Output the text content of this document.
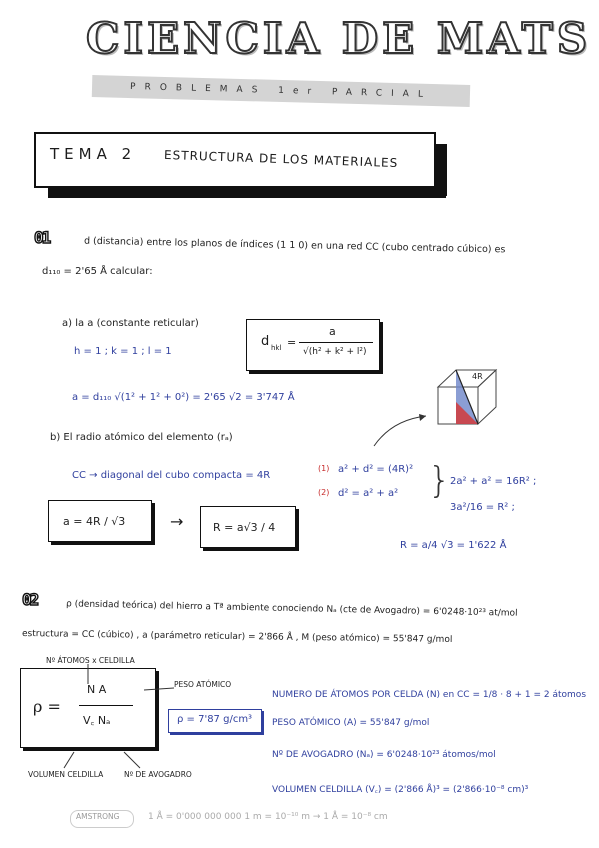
CIENCIA DE MATS
PROBLEMAS 1er PARCIAL
TEMA 2 ESTRUCTURA DE LOS MATERIALES
01	d (distancia) entre los planos de índices (1 1 0) en una red CC (cubo centrado cúbico) es
d₁₁₀ = 2'65 Å calcular:
a) la a (constante reticular)
h = 1 ; k = 1 ; l = 1
d hkl =
a
√(h² + k² + l²)
a = d₁₁₀ √(1² + 1² + 0²) = 2'65 √2 = 3'747 Å
4R
b) El radio atómico del elemento (rₐ)
CC → diagonal del cubo compacta = 4R
(1) a² + d² = (4R)²
(2) d² = a² + a² } 2a² + a² = 16R² ;
3a²/16 = R² ;
a = 4R / √3	→	R = a√3 / 4
R = a/4 √3 = 1'622 Å
02	ρ (densidad teórica) del hierro a Tª ambiente conociendo Nₐ (cte de Avogadro) = 6'0248·10²³ at/mol
estructura = CC (cúbico) , a (parámetro reticular) = 2'866 Å , M (peso atómico) = 55'847 g/mol
Nº ÁTOMOS x CELDILLA
PESO ATÓMICO
ρ =
N A
V꜀ Nₐ
VOLUMEN CELDILLA	Nº DE AVOGADRO
ρ = 7'87 g/cm³
NUMERO DE ÁTOMOS POR CELDA (N) en CC = 1/8 · 8 + 1 = 2 átomos
PESO ATÓMICO (A) = 55'847 g/mol
Nº DE AVOGADRO (Nₐ) = 6'0248·10²³ átomos/mol
VOLUMEN CELDILLA (V꜀) = (2'866 Å)³ = (2'866·10⁻⁸ cm)³
AMSTRONG	1 Å = 0'000 000 000 1 m = 10⁻¹⁰ m → 1 Å = 10⁻⁸ cm
